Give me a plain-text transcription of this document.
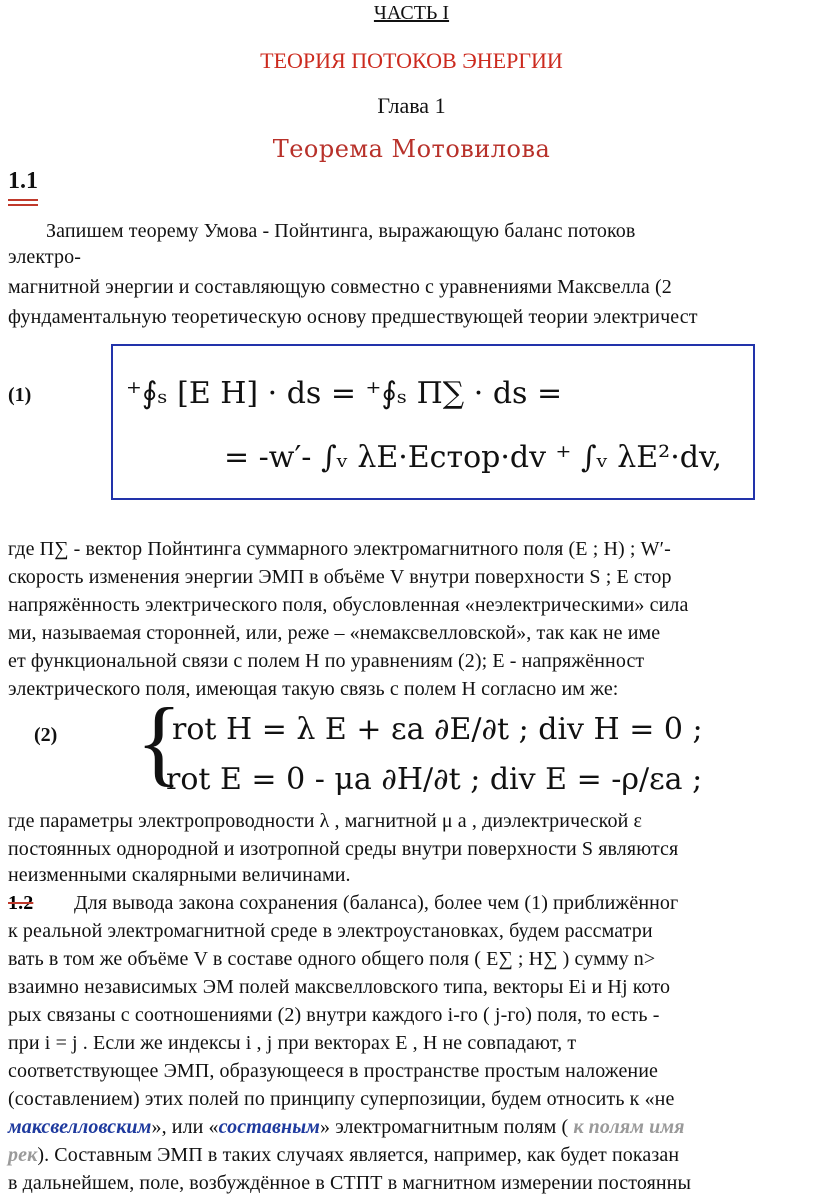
ЧАСТЬ I
ТЕОРИЯ ПОТОКОВ ЭНЕРГИИ
Глава 1
Теорема Мотовилова
1.1
Запишем теорему Умова - Пойнтинга, выражающую баланс потоков
электро-
магнитной энергии и составляющую совместно с уравнениями Максвелла (2
фундаментальную теоретическую основу предшествующей теории электричест
(1)	⁺∮ₛ [E H] · ds = ⁺∮ₛ Π∑ · ds =
= -w′- ∫ᵥ λE·Eстор·dv ⁺ ∫ᵥ λE²·dv,
где П∑ - вектор Пойнтинга суммарного электромагнитного поля (E ; H) ; W′-
скорость изменения энергии ЭМП в объёме V внутри поверхности S ; E стор
напряжённость электрического поля, обусловленная «неэлектрическими» сила
ми, называемая сторонней, или, реже – «немаксвелловской», так как не име
ет функциональной связи с полем H по уравнениям (2); E - напряжённост
электрического поля, имеющая такую связь с полем H согласно им же:
(2) {
rot H = λ E + εa ∂E/∂t ; div H = 0 ;
rot E = 0 - μa ∂H/∂t ; div E = -ρ/εa ;
где параметры электропроводности λ , магнитной μ a , диэлектрической ε
постоянных однородной и изотропной среды внутри поверхности S являются
неизменными скалярными величинами.
1.2 Для вывода закона сохранения (баланса), более чем (1) приближённог
к реальной электромагнитной среде в электроустановках, будем рассматри
вать в том же объёме V в составе одного общего поля ( E∑ ; H∑ ) сумму n>
взаимно независимых ЭМ полей максвелловского типа, векторы Ei и Hj кото
рых связаны с соотношениями (2) внутри каждого i-го ( j-го) поля, то есть -
при i = j . Если же индексы i , j при векторах E , H не совпадают, т
соответствующее ЭМП, образующееся в пространстве простым наложение
(составлением) этих полей по принципу суперпозиции, будем относить к «не
максвелловским», или «составным» электромагнитным полям ( к полям имя
рек). Составным ЭМП в таких случаях является, например, как будет показан
в дальнейшем, поле, возбуждённое в СТПТ в магнитном измерении постоянны
